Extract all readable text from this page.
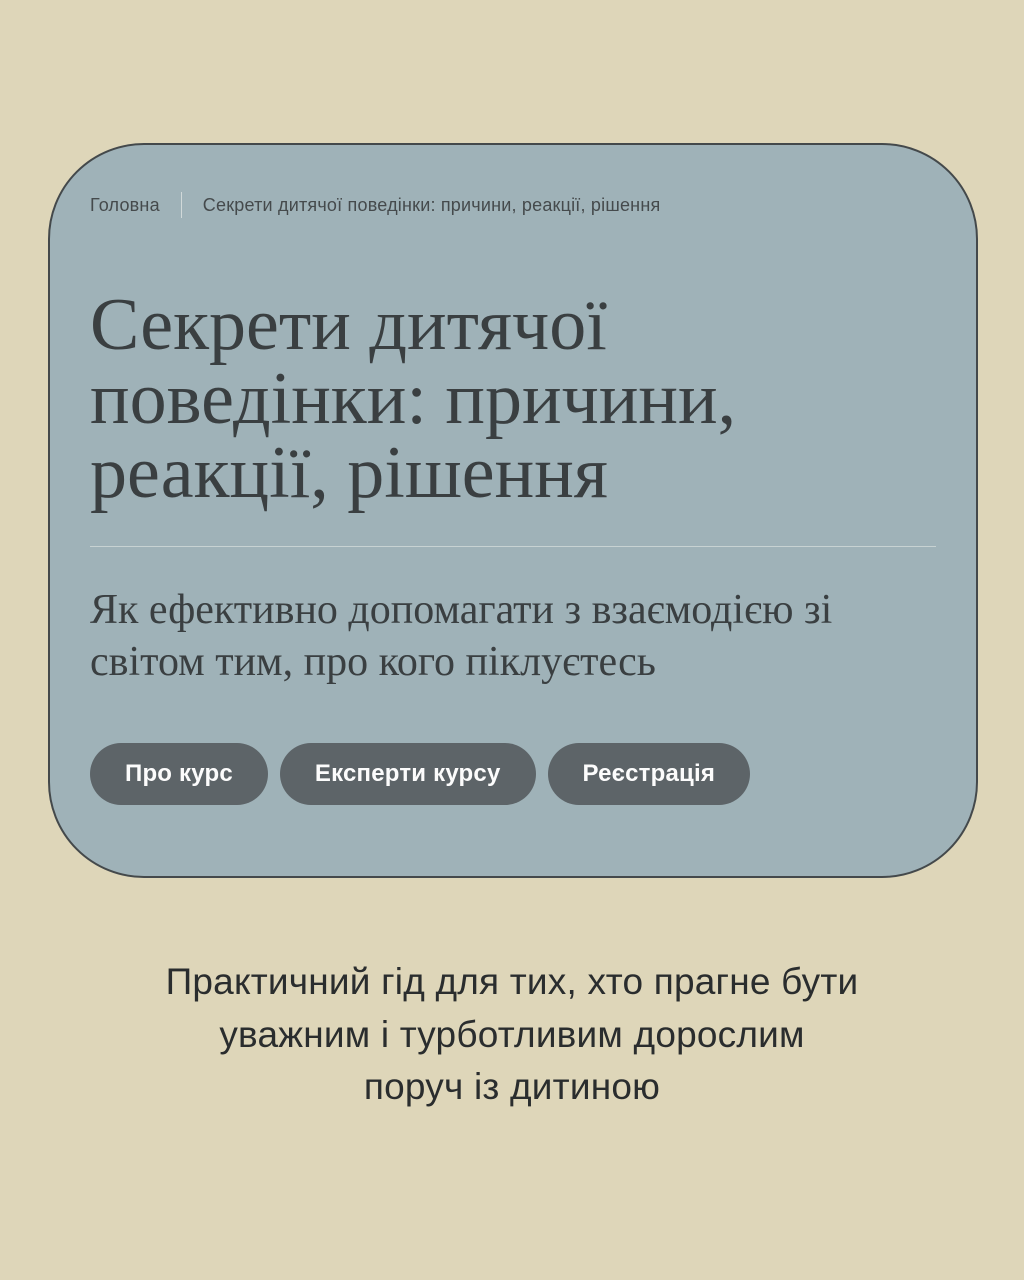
Головна Секрети дитячої поведінки: причини, реакції, рішення
Секрети дитячої
поведінки: причини,
реакції, рішення
Як ефективно допомагати з взаємодією зі
світом тим, про кого піклуєтесь
Про курс	Експерти курсу	Реєстрація
Практичний гід для тих, хто прагне бути
уважним і турботливим дорослим
поруч із дитиною
